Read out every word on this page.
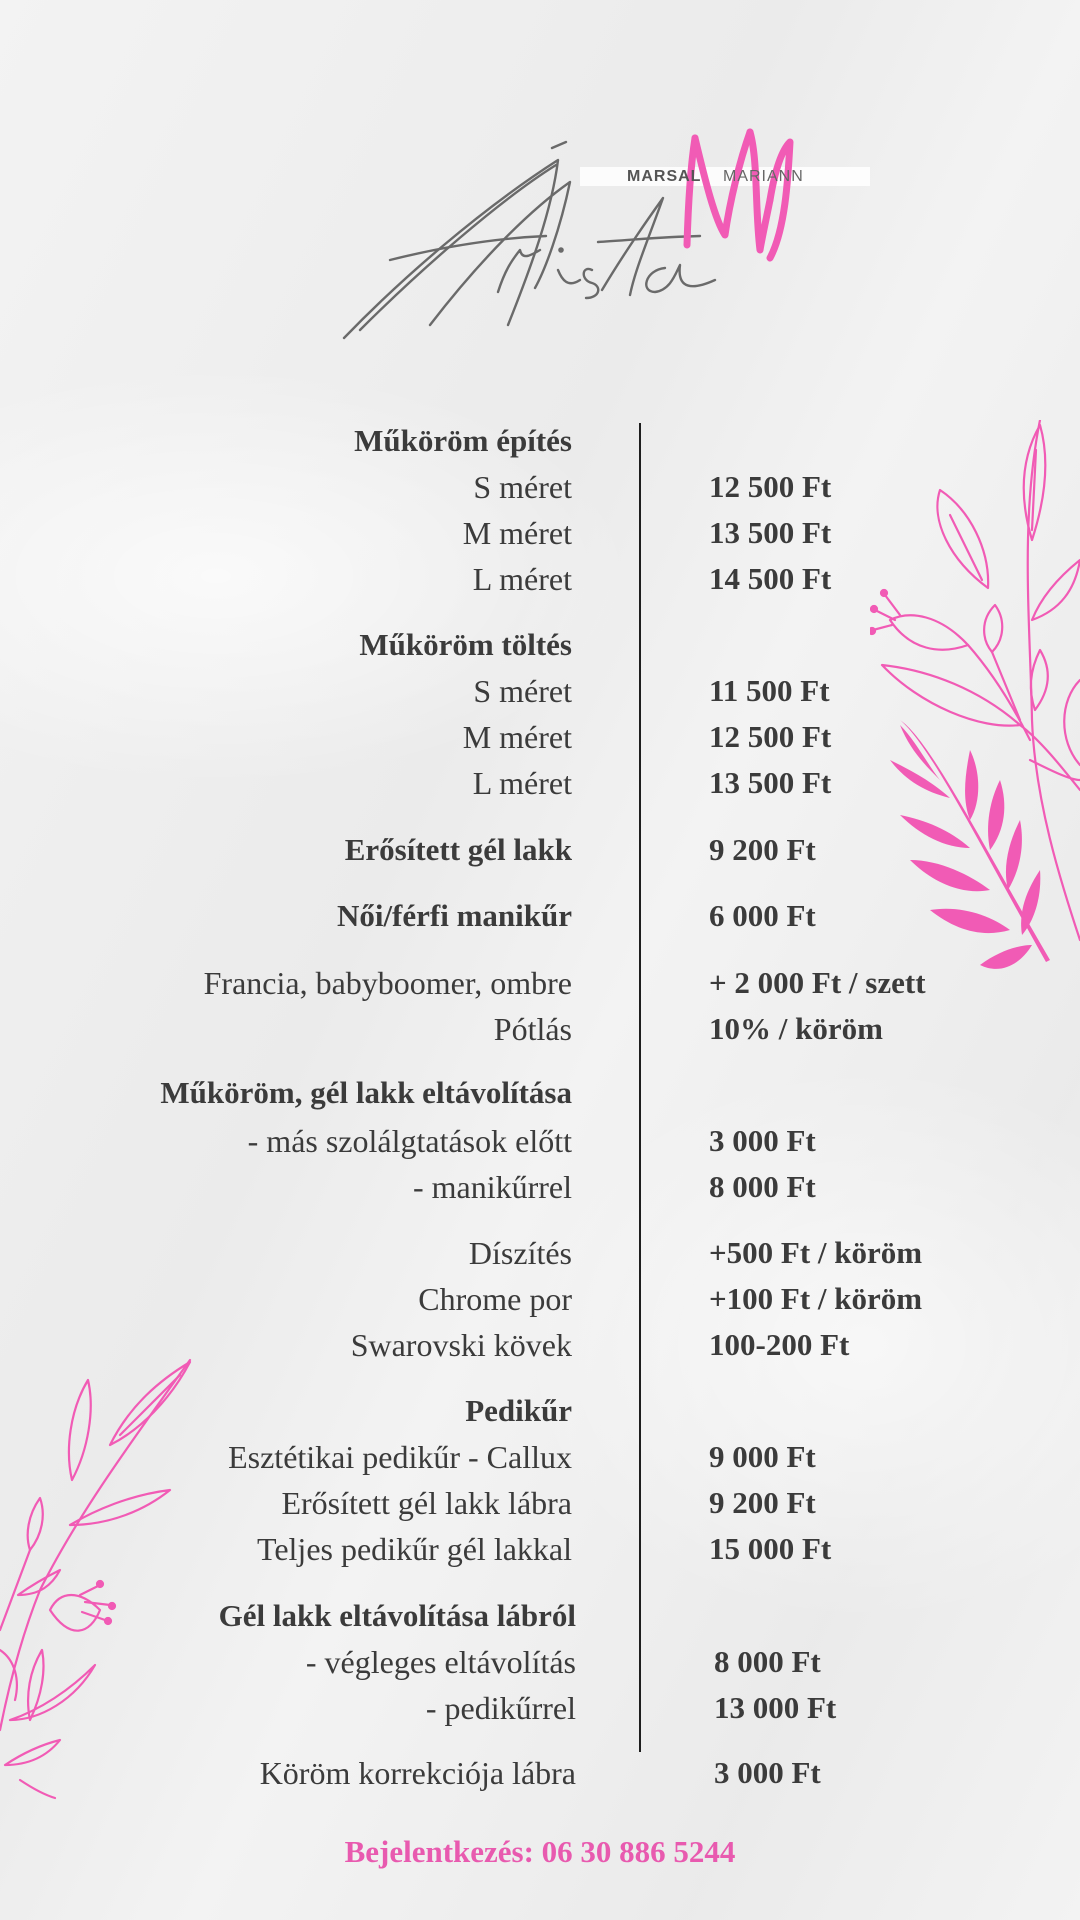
MARSAL MARIANN
Műköröm építés
S méret	12 500 Ft
M méret	13 500 Ft
L méret	14 500 Ft
Műköröm töltés
S méret	11 500 Ft
M méret	12 500 Ft
L méret	13 500 Ft
Erősített gél lakk	9 200 Ft
Női/férfi manikűr	6 000 Ft
Francia, babyboomer, ombre	+ 2 000 Ft / szett
Pótlás	10% / köröm
Műköröm, gél lakk eltávolítása
- más szolálgtatások előtt	3 000 Ft
- manikűrrel	8 000 Ft
Díszítés	+500 Ft / köröm
Chrome por	+100 Ft / köröm
Swarovski kövek	100-200 Ft
Pedikűr
Esztétikai pedikűr - Callux	9 000 Ft
Erősített gél lakk lábra	9 200 Ft
Teljes pedikűr gél lakkal	15 000 Ft
Gél lakk eltávolítása lábról
- végleges eltávolítás	8 000 Ft
- pedikűrrel	13 000 Ft
Köröm korrekciója lábra	3 000 Ft
Bejelentkezés: 06 30 886 5244
